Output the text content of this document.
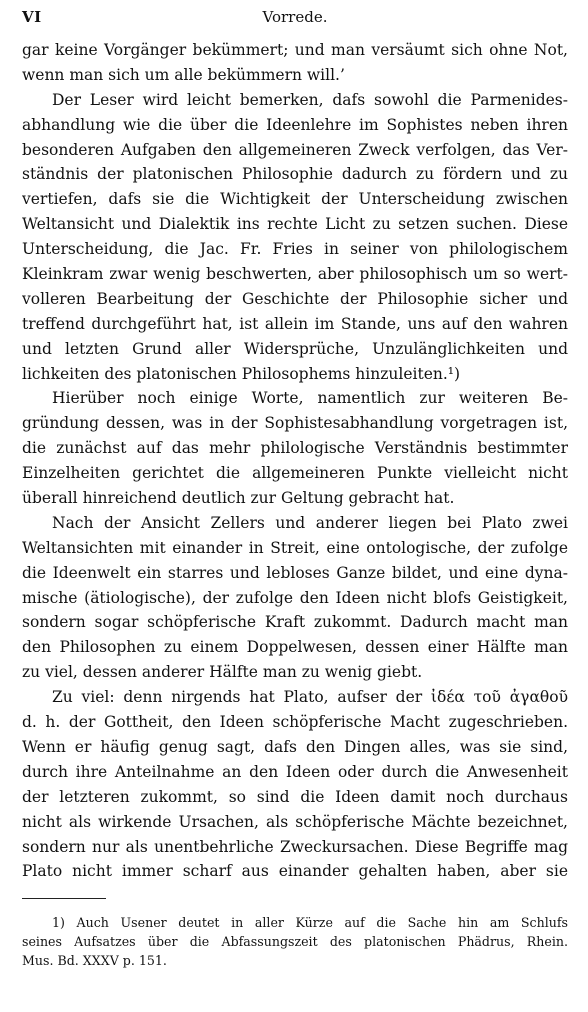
VI	Vorrede.
gar keine Vorgänger bekümmert; und man versäumt sich ohne Not,
wenn man sich um alle bekümmern will.’
Der Leser wird leicht bemerken, dafs sowohl die Parmenides-
abhandlung wie die über die Ideenlehre im Sophistes neben ihren
besonderen Aufgaben den allgemeineren Zweck verfolgen, das Ver-
ständnis der platonischen Philosophie dadurch zu fördern und zu
vertiefen, dafs sie die Wichtigkeit der Unterscheidung zwischen
Weltansicht und Dialektik ins rechte Licht zu setzen suchen. Diese
Unterscheidung, die Jac. Fr. Fries in seiner von philologischem
Kleinkram zwar wenig beschwerten, aber philosophisch um so wert-
volleren Bearbeitung der Geschichte der Philosophie sicher und
treffend durchgeführt hat, ist allein im Stande, uns auf den wahren
und letzten Grund aller Widersprüche, Unzulänglichkeiten und
lichkeiten des platonischen Philosophems hinzuleiten.¹)
Hierüber noch einige Worte, namentlich zur weiteren Be-
gründung dessen, was in der Sophistesabhandlung vorgetragen ist,
die zunächst auf das mehr philologische Verständnis bestimmter
Einzelheiten gerichtet die allgemeineren Punkte vielleicht nicht
überall hinreichend deutlich zur Geltung gebracht hat.
Nach der Ansicht Zellers und anderer liegen bei Plato zwei
Weltansichten mit einander in Streit, eine ontologische, der zufolge
die Ideenwelt ein starres und lebloses Ganze bildet, und eine dyna-
mische (ätiologische), der zufolge den Ideen nicht blofs Geistigkeit,
sondern sogar schöpferische Kraft zukommt. Dadurch macht man
den Philosophen zu einem Doppelwesen, dessen einer Hälfte man
zu viel, dessen anderer Hälfte man zu wenig giebt.
Zu viel: denn nirgends hat Plato, aufser der ἰδέα τοῦ ἀγαθοῦ
d. h. der Gottheit, den Ideen schöpferische Macht zugeschrieben.
Wenn er häufig genug sagt, dafs den Dingen alles, was sie sind,
durch ihre Anteilnahme an den Ideen oder durch die Anwesenheit
der letzteren zukommt, so sind die Ideen damit noch durchaus
nicht als wirkende Ursachen, als schöpferische Mächte bezeichnet,
sondern nur als unentbehrliche Zweckursachen. Diese Begriffe mag
Plato nicht immer scharf aus einander gehalten haben, aber sie
1) Auch Usener deutet in aller Kürze auf die Sache hin am Schlufs
seines Aufsatzes über die Abfassungszeit des platonischen Phädrus, Rhein.
Mus. Bd. XXXV p. 151.
